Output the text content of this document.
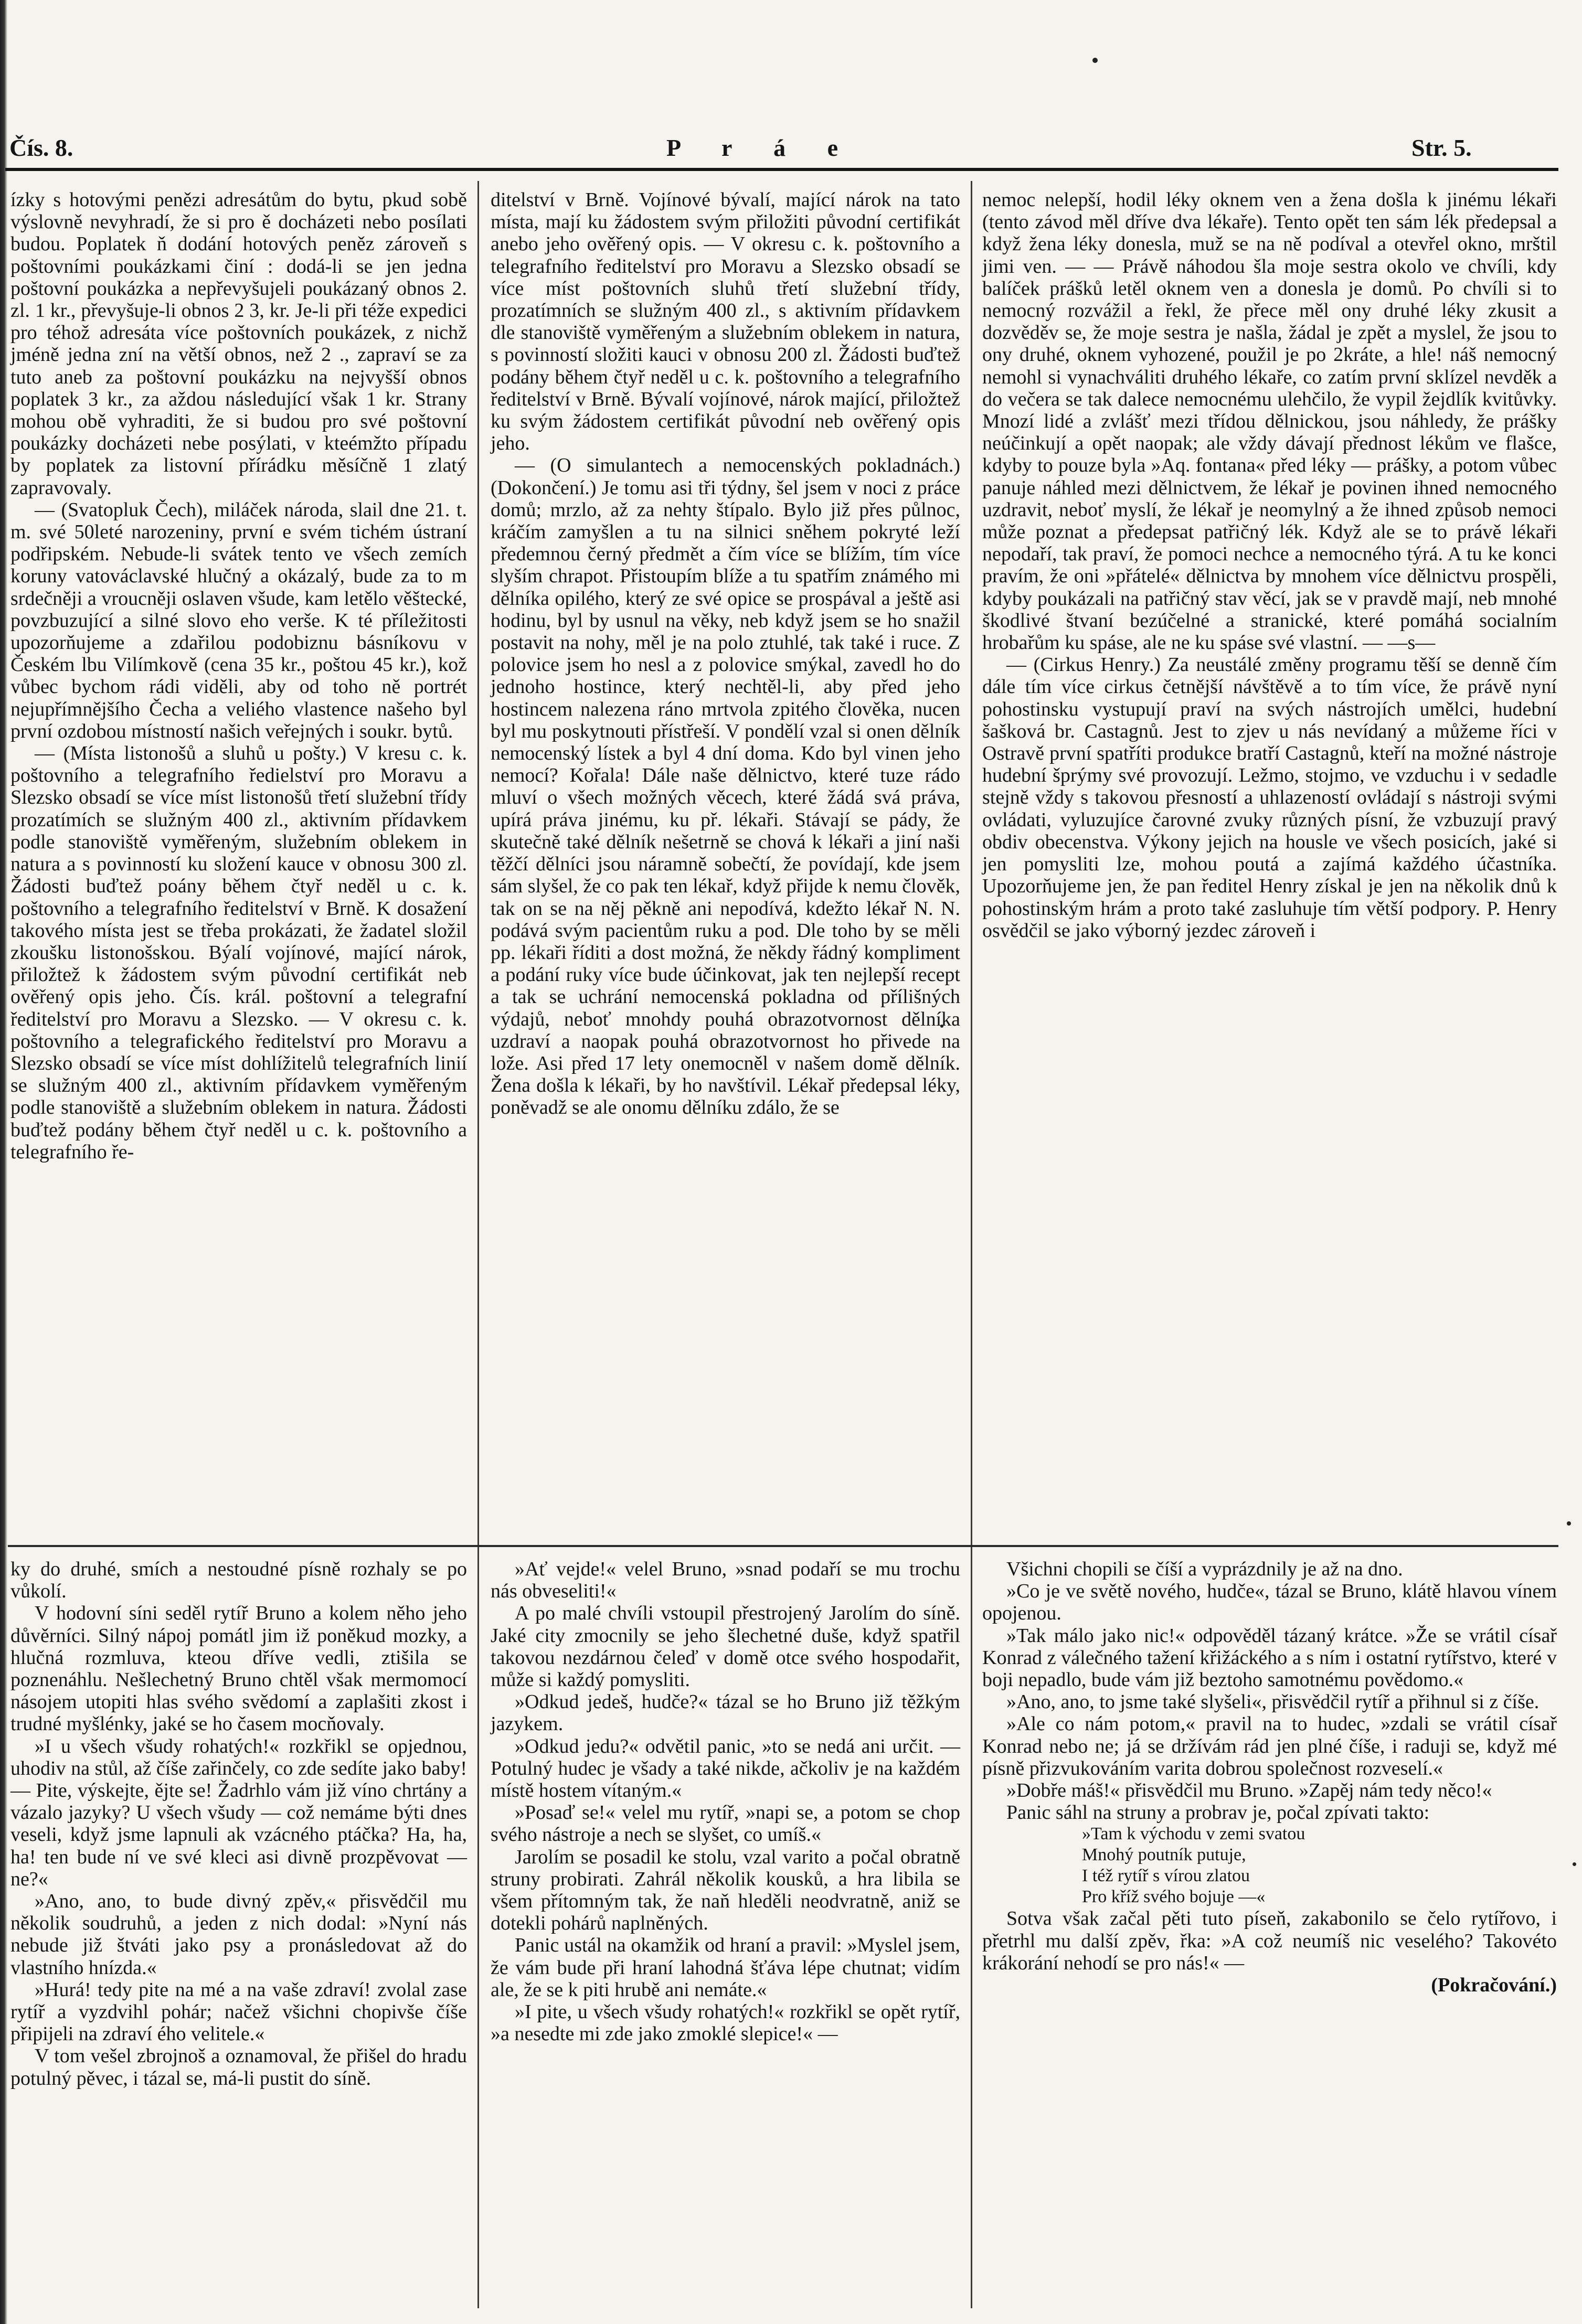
Čís. 8.	P r á e	Str. 5.

ízky s hotovými penězi adresátům do bytu, pkud sobě výslovně nevyhradí, že si pro ě docházeti nebo posílati budou. Poplatek ň dodání hotových peněz zároveň s poštovními poukázkami činí : dodá-li se jen jedna poštovní poukázka a nepřevyšujeli poukázaný obnos 2. zl. 1 kr., převyšuje-li obnos 2 3, kr. Je-li při téže expedici pro téhož adresáta více poštovních poukázek, z nichž jméně jedna zní na větší obnos, než 2 ., zapraví se za tuto aneb za poštovní poukázku na nejvyšší obnos poplatek 3 kr., za aždou následující však 1 kr. Strany mohou obě vyhraditi, že si budou pro své poštovní poukázky docházeti nebe posýlati, v kteémžto případu by poplatek za listovní přírádku měsíčně 1 zlatý zapravovaly.

— (Svatopluk Čech), miláček národa, slail dne 21. t. m. své 50leté narozeniny, první e svém tichém ústraní podřipském. Nebude-li svátek tento ve všech zemích koruny vatováclavské hlučný a okázalý, bude za to m srdečněji a vroucněji oslaven všude, kam letělo věštecké, povzbuzující a silné slovo eho verše. K té příležitosti upozorňujeme a zdařilou podobiznu básníkovu v Českém lbu Vilímkově (cena 35 kr., poštou 45 kr.), kož vůbec bychom rádi viděli, aby od toho ně portrét nejupřímnějšího Čecha a veliého vlastence našeho byl první ozdobou místností našich veřejných i soukr. bytů.

— (Místa listonošů a sluhů u pošty.) V kresu c. k. poštovního a telegrafního ředielství pro Moravu a Slezsko obsadí se více míst listonošů třetí služební třídy prozatímích se služným 400 zl., aktivním přídavkem podle stanoviště vyměřeným, služebním oblekem in natura a s povinností ku složení kauce v obnosu 300 zl. Žádosti buďtež poány během čtyř neděl u c. k. poštovního a telegrafního ředitelství v Brně. K dosažení takového místa jest se třeba prokázati, že žadatel složil zkoušku listonošskou. Býalí vojínové, mající nárok, přiložtež k žádostem svým původní certifikát neb ověřený opis jeho. Čís. král. poštovní a telegrafní ředitelství pro Moravu a Slezsko. — V okresu c. k. poštovního a telegrafického ředitelství pro Moravu a Slezsko obsadí se více míst dohlížitelů telegrafních linií se služným 400 zl., aktivním přídavkem vyměřeným podle stanoviště a služebním oblekem in natura. Žádosti buďtež podány během čtyř neděl u c. k. poštovního a telegrafního ře-

ditelství v Brně. Vojínové bývalí, mající nárok na tato místa, mají ku žádostem svým přiložiti původní certifikát anebo jeho ověřený opis. — V okresu c. k. poštovního a telegrafního ředitelství pro Moravu a Slezsko obsadí se více míst poštovních sluhů třetí služební třídy, prozatímních se služným 400 zl., s aktivním přídavkem dle stanoviště vyměřeným a služebním oblekem in natura, s povinností složiti kauci v obnosu 200 zl. Žádosti buďtež podány během čtyř neděl u c. k. poštovního a telegrafního ředitelství v Brně. Bývalí vojínové, nárok mající, přiložtež ku svým žádostem certifikát původní neb ověřený opis jeho.

— (O simulantech a nemocenských pokladnách.) (Dokončení.) Je tomu asi tři týdny, šel jsem v noci z práce domů; mrzlo, až za nehty štípalo. Bylo již přes půlnoc, kráčím zamyšlen a tu na silnici sněhem pokryté leží předemnou černý předmět a čím více se blížím, tím více slyším chrapot. Přistoupím blíže a tu spatřím známého mi dělníka opilého, který ze své opice se prospával a ještě asi hodinu, byl by usnul na věky, neb když jsem se ho snažil postavit na nohy, měl je na polo ztuhlé, tak také i ruce. Z polovice jsem ho nesl a z polovice smýkal, zavedl ho do jednoho hostince, který nechtěl-li, aby před jeho hostincem nalezena ráno mrtvola zpitého člověka, nucen byl mu poskytnouti přístřeší. V pondělí vzal si onen dělník nemocenský lístek a byl 4 dní doma. Kdo byl vinen jeho nemocí? Kořala! Dále naše dělnictvo, které tuze rádo mluví o všech možných věcech, které žádá svá práva, upírá práva jinému, ku př. lékaři. Stávají se pády, že skutečně také dělník nešetrně se chová k lékaři a jiní naši těžčí dělníci jsou náramně sobečtí, že povídají, kde jsem sám slyšel, že co pak ten lékař, když přijde k nemu člověk, tak on se na něj pěkně ani nepodívá, kdežto lékař N. N. podává svým pacientům ruku a pod. Dle toho by se měli pp. lékaři říditi a dost možná, že někdy řádný kompliment a podání ruky více bude účinkovat, jak ten nejlepší recept a tak se uchrání nemocenská pokladna od přílišných výdajů, neboť mnohdy pouhá obrazotvornost dělníka uzdraví a naopak pouhá obrazotvornost ho přivede na lože. Asi před 17 lety onemocněl v našem domě dělník. Žena došla k lékaři, by ho navštívil. Lékař předepsal léky, poněvadž se ale onomu dělníku zdálo, že se

nemoc nelepší, hodil léky oknem ven a žena došla k jinému lékaři (tento závod měl dříve dva lékaře). Tento opět ten sám lék předepsal a když žena léky donesla, muž se na ně podíval a otevřel okno, mrštil jimi ven. — — Právě náhodou šla moje sestra okolo ve chvíli, kdy balíček prášků letěl oknem ven a donesla je domů. Po chvíli si to nemocný rozvážil a řekl, že přece měl ony druhé léky zkusit a dozvěděv se, že moje sestra je našla, žádal je zpět a myslel, že jsou to ony druhé, oknem vyhozené, použil je po 2kráte, a hle! náš nemocný nemohl si vynachváliti druhého lékaře, co zatím první sklízel nevděk a do večera se tak dalece nemocnému ulehčilo, že vypil žejdlík kvitůvky. Mnozí lidé a zvlášť mezi třídou dělnickou, jsou náhledy, že prášky neúčinkují a opět naopak; ale vždy dávají přednost lékům ve flašce, kdyby to pouze byla »Aq. fontana« před léky — prášky, a potom vůbec panuje náhled mezi dělnictvem, že lékař je povinen ihned nemocného uzdravit, neboť myslí, že lékař je neomylný a že ihned způsob nemoci může poznat a předepsat patřičný lék. Když ale se to právě lékaři nepodaří, tak praví, že pomoci nechce a nemocného týrá. A tu ke konci pravím, že oni »přátelé« dělnictva by mnohem více dělnictvu prospěli, kdyby poukázali na patřičný stav věcí, jak se v pravdě mají, neb mnohé škodlivé štvaní bezúčelné a stranické, které pomáhá socialním hrobařům ku spáse, ale ne ku spáse své vlastní. — —s—

— (Cirkus Henry.) Za neustálé změny programu těší se denně čím dále tím více cirkus četnější návštěvě a to tím více, že právě nyní pohostinsku vystupují praví na svých nástrojích umělci, hudební šašková br. Castagnů. Jest to zjev u nás nevídaný a můžeme říci v Ostravě první spatříti produkce bratří Castagnů, kteří na možné nástroje hudební šprýmy své provozují. Ležmo, stojmo, ve vzduchu i v sedadle stejně vždy s takovou přesností a uhlazeností ovládají s nástroji svými ovládati, vyluzujíce čarovné zvuky různých písní, že vzbuzují pravý obdiv obecenstva. Výkony jejich na housle ve všech posicích, jaké si jen pomysliti lze, mohou poutá a zajímá každého účastníka. Upozorňujeme jen, že pan ředitel Henry získal je jen na několik dnů k pohostinským hrám a proto také zasluhuje tím větší podpory. P. Henry osvědčil se jako výborný jezdec zároveň i

ky do druhé, smích a nestoudné písně rozhaly se po vůkolí.

V hodovní síni seděl rytíř Bruno a kolem něho jeho důvěrníci. Silný nápoj pomátl jim iž poněkud mozky, a hlučná rozmluva, kteou dříve vedli, ztišila se poznenáhlu. Nešlechetný Bruno chtěl však mermomocí násojem utopiti hlas svého svědomí a zaplašiti zkost i trudné myšlénky, jaké se ho časem mocňovaly.

»I u všech všudy rohatých!« rozkřikl se opjednou, uhodiv na stůl, až číše zařinčely, co zde sedíte jako baby! — Pite, výskejte, ějte se! Žadrhlo vám již víno chrtány a vázalo jazyky? U všech všudy — což nemáme býti dnes veseli, když jsme lapnuli ak vzácného ptáčka? Ha, ha, ha! ten bude ní ve své kleci asi divně prozpěvovat — ne?«

»Ano, ano, to bude divný zpěv,« přisvědčil mu několik soudruhů, a jeden z nich dodal: »Nyní nás nebude již štváti jako psy a pronásledovat až do vlastního hnízda.«

»Hurá! tedy pite na mé a na vaše zdraví! zvolal zase rytíř a vyzdvihl pohár; načež všichni chopivše číše připijeli na zdraví ého velitele.«

V tom vešel zbrojnoš a oznamoval, že přišel do hradu potulný pěvec, i tázal se, má-li pustit do síně.

»Ať vejde!« velel Bruno, »snad podaří se mu trochu nás obveseliti!«

A po malé chvíli vstoupil přestrojený Jarolím do síně. Jaké city zmocnily se jeho šlechetné duše, když spatřil takovou nezdárnou čeleď v domě otce svého hospodařit, může si každý pomysliti.

»Odkud jedeš, hudče?« tázal se ho Bruno již těžkým jazykem.

»Odkud jedu?« odvětil panic, »to se nedá ani určit. — Potulný hudec je všady a také nikde, ačkoliv je na každém místě hostem vítaným.«

»Posaď se!« velel mu rytíř, »napi se, a potom se chop svého nástroje a nech se slyšet, co umíš.«

Jarolím se posadil ke stolu, vzal varito a počal obratně struny probirati. Zahrál několik kousků, a hra libila se všem přítomným tak, že naň hleděli neodvratně, aniž se dotekli pohárů naplněných.

Panic ustál na okamžik od hraní a pravil: »Myslel jsem, že vám bude při hraní lahodná šťáva lépe chutnat; vidím ale, že se k piti hrubě ani nemáte.«

»I pite, u všech všudy rohatých!« rozkřikl se opět rytíř, »a nesedte mi zde jako zmoklé slepice!« —

Všichni chopili se číší a vyprázdnily je až na dno.

»Co je ve světě nového, hudče«, tázal se Bruno, klátě hlavou vínem opojenou.

»Tak málo jako nic!« odpověděl tázaný krátce. »Že se vrátil císař Konrad z válečného tažení křižáckého a s ním i ostatní rytířstvo, které v boji nepadlo, bude vám již beztoho samotnému povědomo.«

»Ano, ano, to jsme také slyšeli«, přisvědčil rytíř a přihnul si z číše.

»Ale co nám potom,« pravil na to hudec, »zdali se vrátil císař Konrad nebo ne; já se držívám rád jen plné číše, i raduji se, když mé písně přizvukováním varita dobrou společnost rozveselí.«

»Dobře máš!« přisvědčil mu Bruno. »Zapěj nám tedy něco!«

Panic sáhl na struny a probrav je, počal zpívati takto:

»Tam k východu v zemi svatou

Mnohý poutník putuje,

I též rytíř s vírou zlatou

Pro kříž svého bojuje —«

Sotva však začal pěti tuto píseň, zakabonilo se čelo rytířovo, i přetrhl mu další zpěv, řka: »A což neumíš nic veselého? Takovéto krákorání nehodí se pro nás!« —

(Pokračování.)
